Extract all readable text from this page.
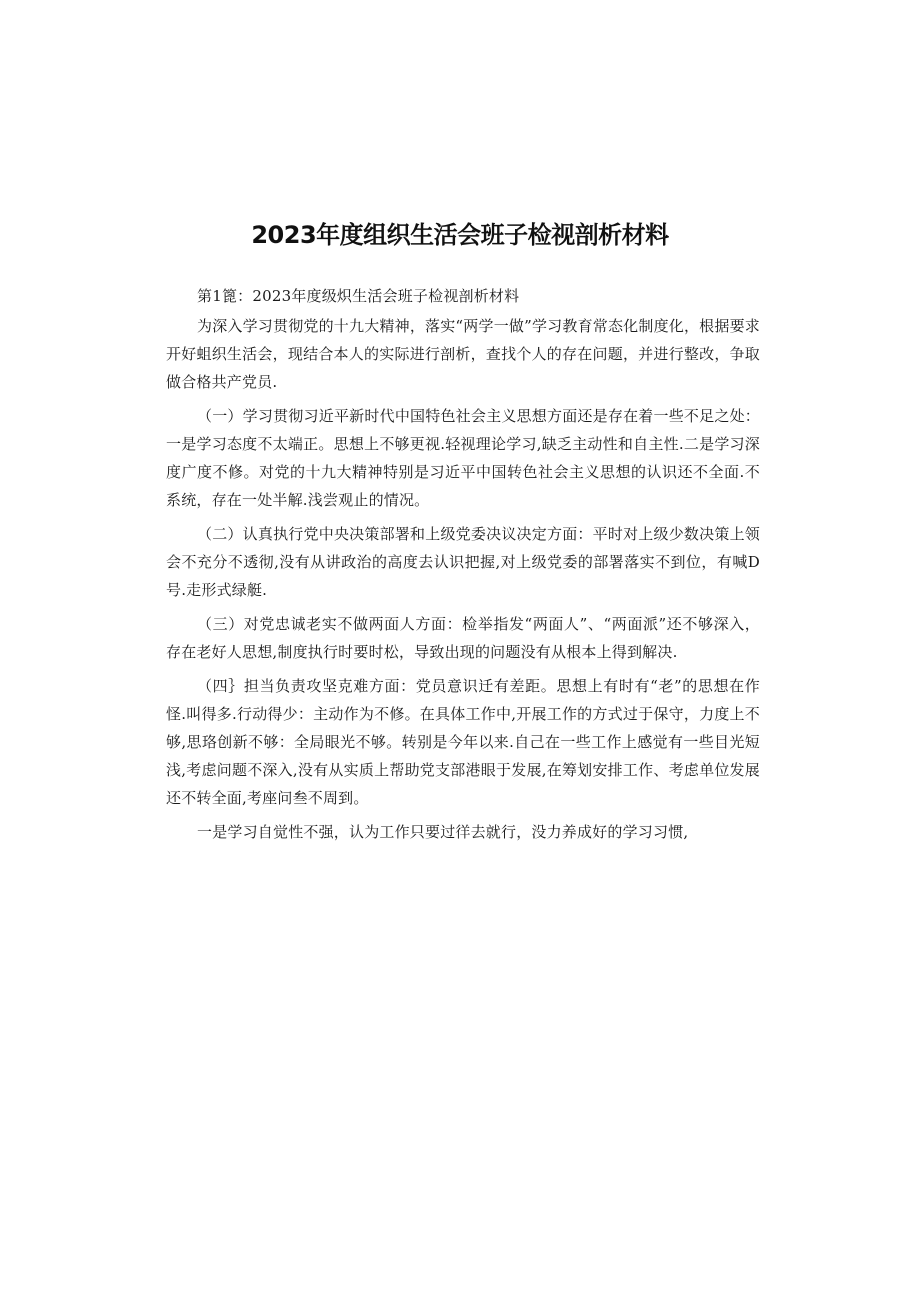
2023年度组织生活会班子检视剖析材料

第1篦：2023年度级炽生活会班子检视剖析材料

为深入学习贯彻党的十九大精神，落实“两学一做”学习教育常态化制度化，根据要求开好蛆织生活会，现结合本人的实际进行剖析，查找个人的存在问题，并进行整改，争取做合格共产党员.

（一）学习贯彻习近平新时代中国特色社会主义思想方面还是存在着一些不足之处：一是学习态度不太端正。思想上不够更视.轻视理论学习,缺乏主动性和自主性.二是学习深度广度不修。对党的十九大精神特别是习近平中国转色社会主义思想的认识还不全面.不系统，存在一处半解.浅尝观止的情况。

（二）认真执行党中央决策部署和上级党委决议决定方面：平时对上级少数决策上领会不充分不透彻,没有从讲政治的高度去认识把握,对上级党委的部署落实不到位，有喊D号.走形式绿艇.

（三）对党忠诚老实不做两面人方面：检举指发“两面人”、“两面派”还不够深入，存在老好人思想,制度执行时要时松，导致出现的问题没有从根本上得到解决.

（四｝担当负责攻坚克难方面：党员意识迁有差距。思想上有时有“老”的思想在作怪.叫得多.行动得少：主动作为不修。在具体工作中,开展工作的方式过于保守，力度上不够,思珞创新不够：全局眼光不够。转别是今年以来.自己在一些工作上感觉有一些目光短浅,考虑问题不深入,没有从实质上帮助党支部港眼于发展,在筹划安排工作、考虑单位发展还不转全面,考座问叁不周到。

一是学习自觉性不强，认为工作只要过徉去就行，没力养成好的学习习惯,
